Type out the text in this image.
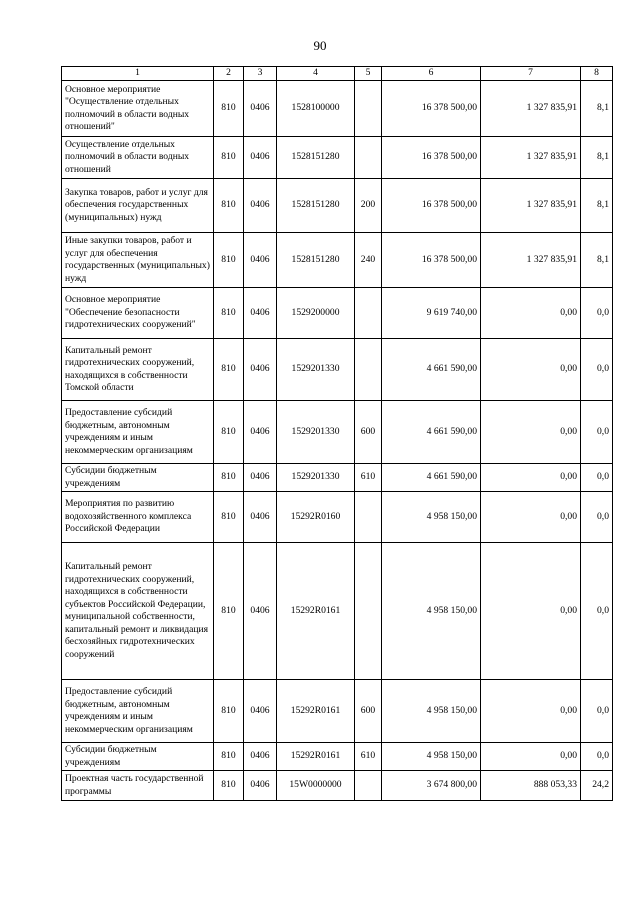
90
1	2	3	4	5	6	7	8
Основное мероприятие "Осуществление отдельных полномочий в области водных отношений"	810	0406	1528100000		16 378 500,00	1 327 835,91	8,1
Осуществление отдельных полномочий в области водных отношений	810	0406	1528151280		16 378 500,00	1 327 835,91	8,1
Закупка товаров, работ и услуг для обеспечения государственных (муниципальных) нужд	810	0406	1528151280	200	16 378 500,00	1 327 835,91	8,1
Иные закупки товаров, работ и услуг для обеспечения государственных (муниципальных) нужд	810	0406	1528151280	240	16 378 500,00	1 327 835,91	8,1
Основное мероприятие "Обеспечение безопасности гидротехнических сооружений"	810	0406	1529200000		9 619 740,00	0,00	0,0
Капитальный ремонт гидротехнических сооружений, находящихся в собственности Томской области	810	0406	1529201330		4 661 590,00	0,00	0,0
Предоставление субсидий бюджетным, автономным учреждениям и иным некоммерческим организациям	810	0406	1529201330	600	4 661 590,00	0,00	0,0
Субсидии бюджетным учреждениям	810	0406	1529201330	610	4 661 590,00	0,00	0,0
Мероприятия по развитию водохозяйственного комплекса Российской Федерации	810	0406	15292R0160		4 958 150,00	0,00	0,0
Капитальный ремонт гидротехнических сооружений, находящихся в собственности субъектов Российской Федерации, муниципальной собственности, капитальный ремонт и ликвидация бесхозяйных гидротехнических сооружений	810	0406	15292R0161		4 958 150,00	0,00	0,0
Предоставление субсидий бюджетным, автономным учреждениям и иным некоммерческим организациям	810	0406	15292R0161	600	4 958 150,00	0,00	0,0
Субсидии бюджетным учреждениям	810	0406	15292R0161	610	4 958 150,00	0,00	0,0
Проектная часть государственной программы	810	0406	15W0000000		3 674 800,00	888 053,33	24,2
